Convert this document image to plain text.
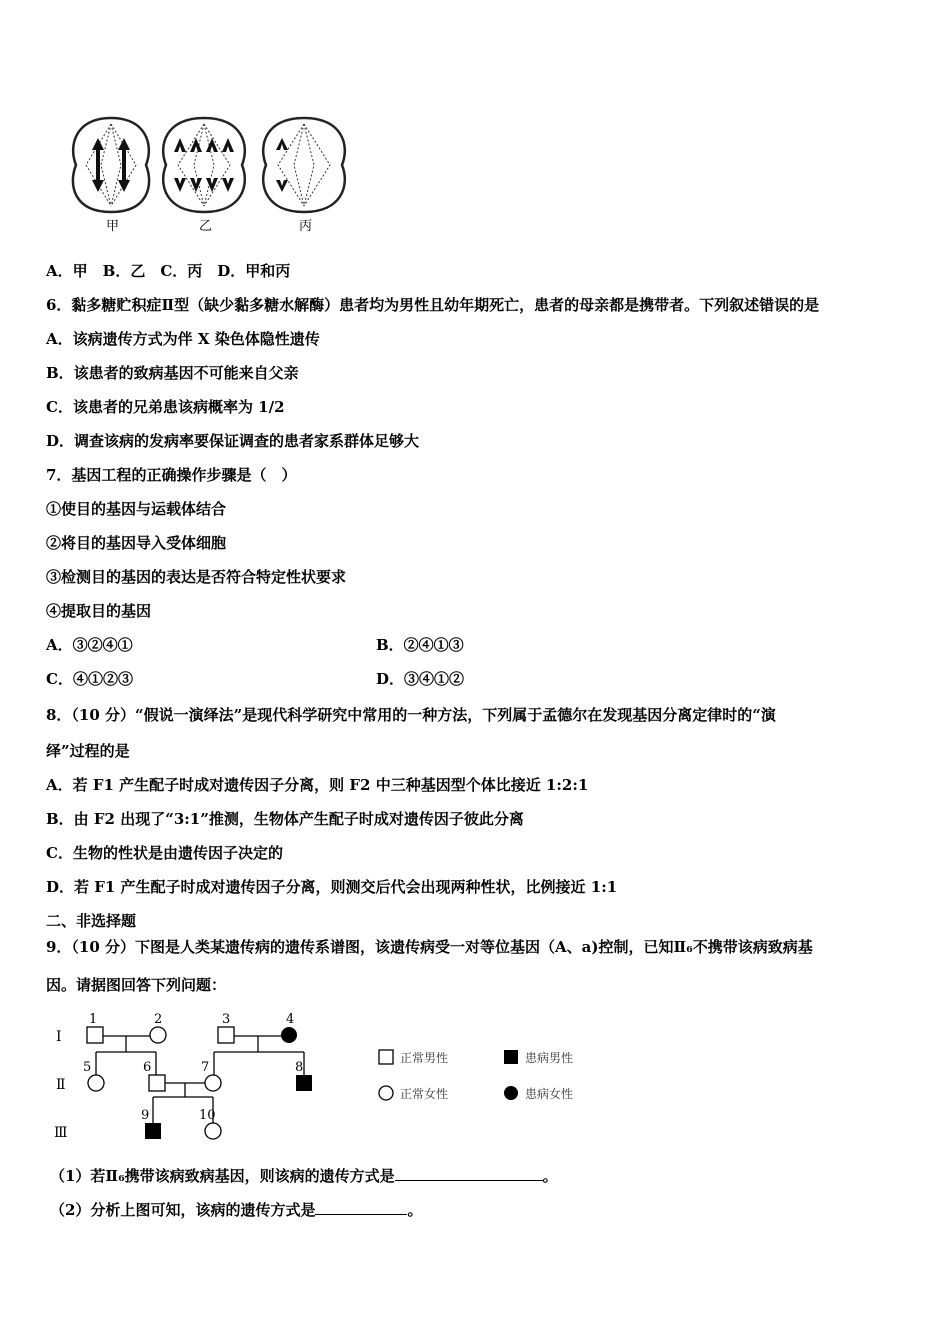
甲	乙	丙
A．甲　B．乙　C．丙　D．甲和丙
6．黏多糖贮积症Ⅱ型（缺少黏多糖水解酶）患者均为男性且幼年期死亡，患者的母亲都是携带者。下列叙述错误的是
A．该病遗传方式为伴 X 染色体隐性遗传
B．该患者的致病基因不可能来自父亲
C．该患者的兄弟患该病概率为 1/2
D．调查该病的发病率要保证调查的患者家系群体足够大
7．基因工程的正确操作步骤是（　）
①使目的基因与运载体结合
②将目的基因导入受体细胞
③检测目的基因的表达是否符合特定性状要求
④提取目的基因
A．③②④①	B．②④①③
C．④①②③	D．③④①②
8．（10 分）“假说一演绎法”是现代科学研究中常用的一种方法，下列属于孟德尔在发现基因分离定律时的“演
绎”过程的是
A．若 F1 产生配子时成对遗传因子分离，则 F2 中三种基因型个体比接近 1:2:1
B．由 F2 出现了“3:1”推测，生物体产生配子时成对遗传因子彼此分离
C．生物的性状是由遗传因子决定的
D．若 F1 产生配子时成对遗传因子分离，则测交后代会出现两种性状，比例接近 1:1
二、非选择题
9．（10 分）下图是人类某遗传病的遗传系谱图，该遗传病受一对等位基因（A、a)控制，已知Ⅱ₆不携带该病致病基
因。请据图回答下列问题：
Ⅰ
Ⅱ
Ⅲ
1	2	3	4
5	6	7	8
9	10
正常男性	患病男性
正常女性	患病女性
（1）若Ⅱ₆携带该病致病基因，则该病的遗传方式是	。
（2）分析上图可知，该病的遗传方式是	。
